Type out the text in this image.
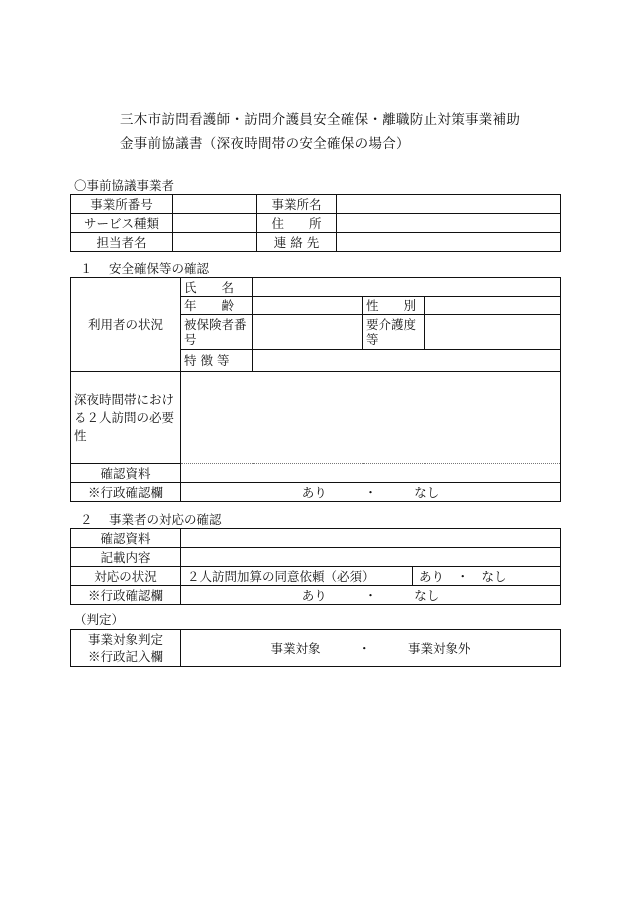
三木市訪問看護師・訪問介護員安全確保・離職防止対策事業補助
金事前協議書（深夜時間帯の安全確保の場合）
〇事前協議事業者
事業所番号		事業所名	
サービス種類		住　　所	
担当者名		連 絡 先	
１　 安全確保等の確認
利用者の状況	氏　　名			
	年　　齢		性　　別	
	被保険者番号		要介護度等	
	特 徴 等			
深夜時間帯における２人訪問の必要性				
確認資料				
※行政確認欄	あり　　　・　　　なし			
２　 事業者の対応の確認
確認資料		
記載内容		
対応の状況	２人訪問加算の同意依頼（必須）	あり　・　なし
※行政確認欄	あり　　　・　　　なし	
（判定）
事業対象判定
※行政記入欄
	事業対象　　　・　　　事業対象外
